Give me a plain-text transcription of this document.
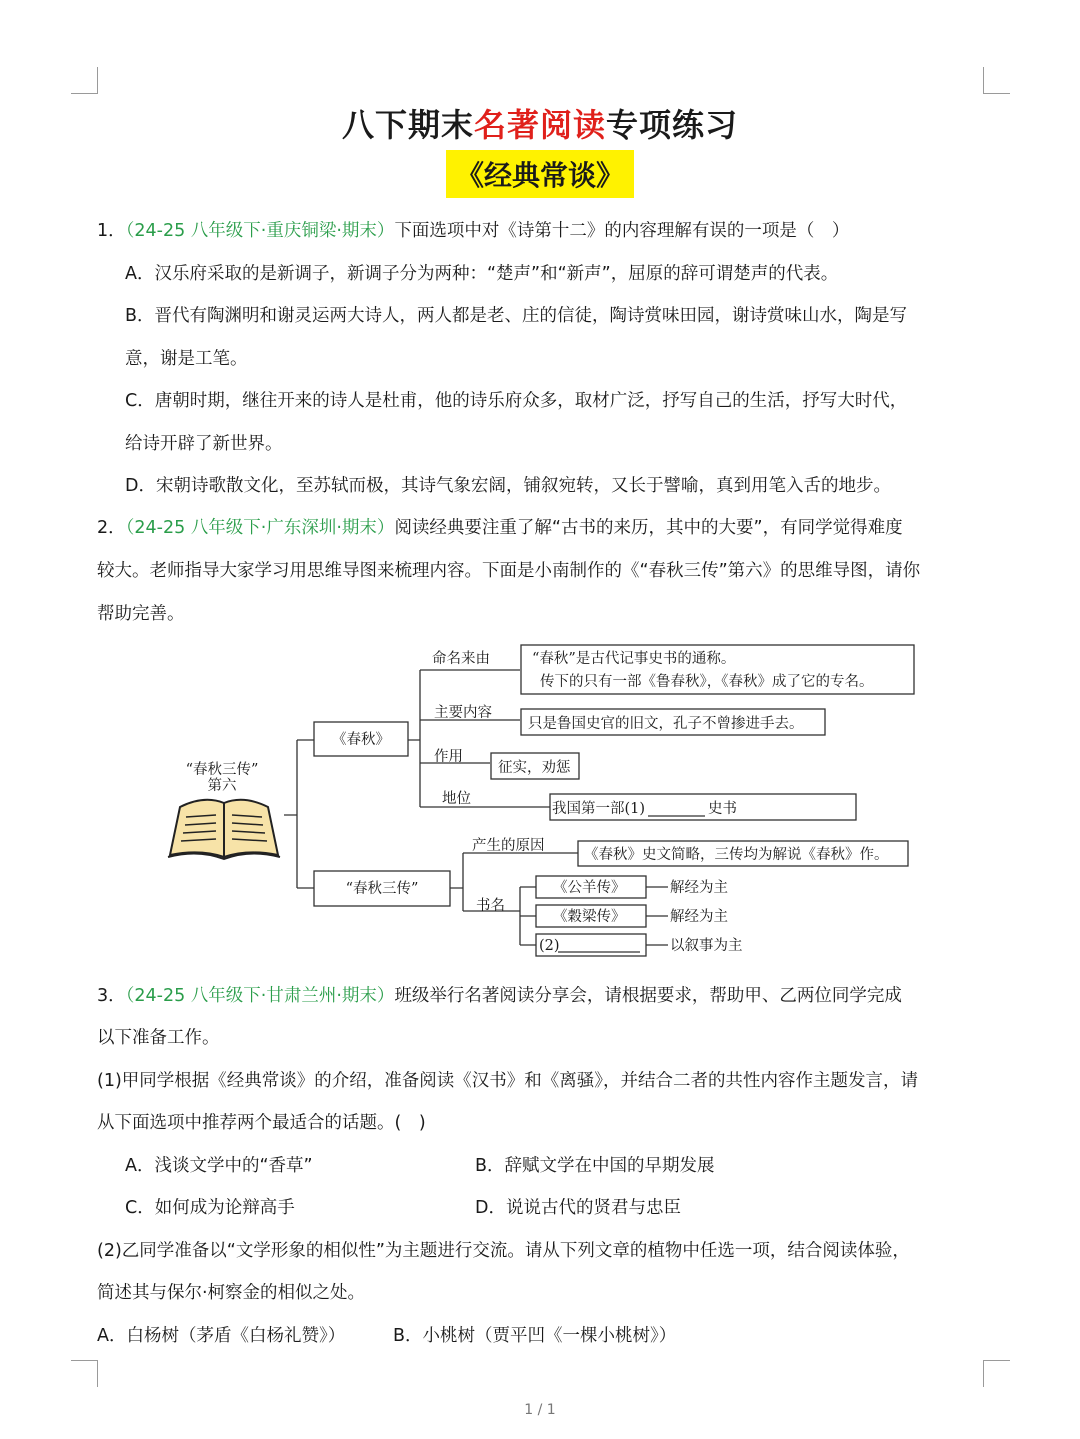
八下期末名著阅读专项练习
《经典常谈》
1．（24-25 八年级下·重庆铜梁·期末）下面选项中对《诗第十二》的内容理解有误的一项是（　）
A．汉乐府采取的是新调子，新调子分为两种：“楚声”和“新声”，屈原的辞可谓楚声的代表。
B．晋代有陶渊明和谢灵运两大诗人，两人都是老、庄的信徒，陶诗赏味田园，谢诗赏味山水，陶是写
意，谢是工笔。
C．唐朝时期，继往开来的诗人是杜甫，他的诗乐府众多，取材广泛，抒写自己的生活，抒写大时代，
给诗开辟了新世界。
D．宋朝诗歌散文化，至苏轼而极，其诗气象宏阔，铺叙宛转，又长于譬喻，真到用笔入舌的地步。
2．（24-25 八年级下·广东深圳·期末）阅读经典要注重了解“古书的来历，其中的大要”，有同学觉得难度
较大。老师指导大家学习用思维导图来梳理内容。下面是小南制作的《“春秋三传”第六》的思维导图，请你
帮助完善。
“春秋三传”
第六
《春秋》
命名来由	“春秋”是古代记事史书的通称。
传下的只有一部《鲁春秋》，《春秋》成了它的专名。
主要内容
只是鲁国史官的旧文，孔子不曾掺进手去。
作用
征实，劝惩
地位
我国第一部(1)	史书
“春秋三传”
产生的原因
《春秋》史文简略，三传均为解说《春秋》作。
书名
《公羊传》	解经为主
《穀梁传》	解经为主
(2)	以叙事为主
3．（24-25 八年级下·甘肃兰州·期末）班级举行名著阅读分享会，请根据要求，帮助甲、乙两位同学完成
以下准备工作。
(1)甲同学根据《经典常谈》的介绍，准备阅读《汉书》和《离骚》，并结合二者的共性内容作主题发言，请
从下面选项中推荐两个最适合的话题。(　)
A．浅谈文学中的“香草”	B．辞赋文学在中国的早期发展
C．如何成为论辩高手	D．说说古代的贤君与忠臣
(2)乙同学准备以“文学形象的相似性”为主题进行交流。请从下列文章的植物中任选一项，结合阅读体验，
简述其与保尔·柯察金的相似之处。
A．白杨树（茅盾《白杨礼赞》）	B．小桃树（贾平凹《一棵小桃树》）
1 / 1
